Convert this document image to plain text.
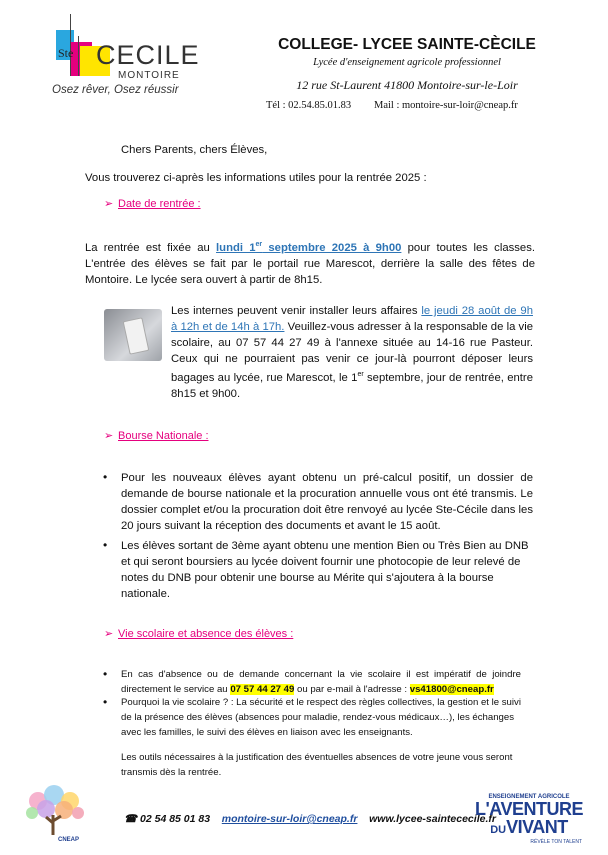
Ste CECILE
MONTOIRE
Osez rêver, Osez réussir
COLLEGE- LYCEE SAINTE-CÈCILE
Lycée d'enseignement agricole professionnel
12 rue St-Laurent 41800 Montoire-sur-le-Loir
Tél : 02.54.85.01.83 Mail : montoire-sur-loir@cneap.fr
Chers Parents, chers Élèves,
Vous trouverez ci-après les informations utiles pour la rentrée 2025 :
➢ Date de rentrée :
La rentrée est fixée au lundi 1er septembre 2025 à 9h00 pour toutes les classes. L'entrée des élèves se fait par le portail rue Marescot, derrière la salle des fêtes de Montoire. Le lycée sera ouvert à partir de 8h15.
Les internes peuvent venir installer leurs affaires le jeudi 28 août de 9h à 12h et de 14h à 17h. Veuillez-vous adresser à la responsable de la vie scolaire, au 07 57 44 27 49 à l'annexe située au 14-16 rue Pasteur. Ceux qui ne pourraient pas venir ce jour-là pourront déposer leurs bagages au lycée, rue Marescot, le 1er septembre, jour de rentrée, entre 8h15 et 9h00.
➢ Bourse Nationale :
• Pour les nouveaux élèves ayant obtenu un pré-calcul positif, un dossier de demande de bourse nationale et la procuration annuelle vous ont été transmis. Le dossier complet et/ou la procuration doit être renvoyé au lycée Ste-Cécile dans les 20 jours suivant la réception des documents et avant le 15 août.
• Les élèves sortant de 3ème ayant obtenu une mention Bien ou Très Bien au DNB et qui seront boursiers au lycée doivent fournir une photocopie de leur relevé de notes du DNB pour obtenir une bourse au Mérite qui s'ajoutera à la bourse nationale.
➢ Vie scolaire et absence des élèves :
• En cas d'absence ou de demande concernant la vie scolaire il est impératif de joindre directement le service au 07 57 44 27 49 ou par e-mail à l'adresse : vs41800@cneap.fr
• Pourquoi la vie scolaire ? : La sécurité et le respect des règles collectives, la gestion et le suivi de la présence des élèves (absences pour maladie, rendez-vous médicaux…), les échanges avec les familles, le suivi des élèves en liaison avec les enseignants.
Les outils nécessaires à la justification des éventuelles absences de votre jeune vous seront transmis dès la rentrée.
CNEAP
☎ 02 54 85 01 83 montoire-sur-loir@cneap.fr www.lycee-saintececile.fr
ENSEIGNEMENT AGRICOLE
L'AVENTURE
DUVIVANT
RÉVÈLE TON TALENT
